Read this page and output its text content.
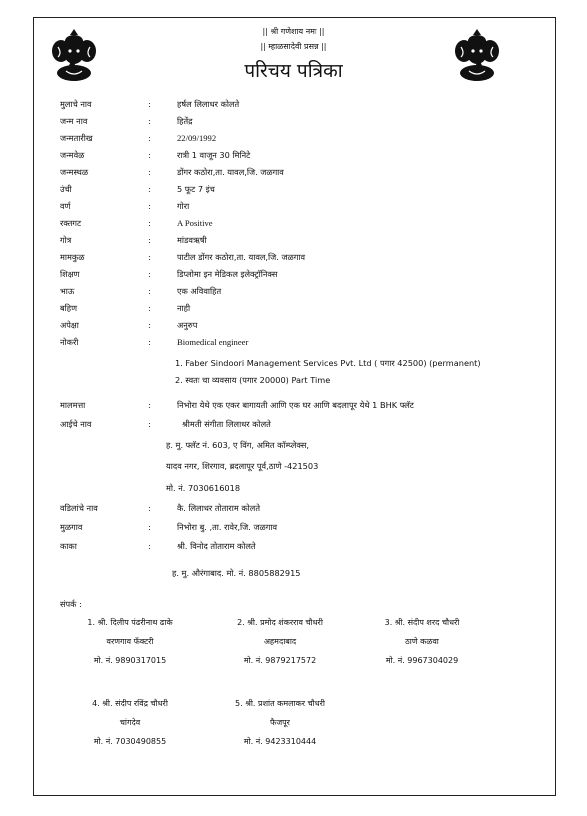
|| श्री गणेशाय नमः ||
|| म्हाळसादेवी प्रसन्न ||
परिचय पत्रिका
मुलाचे नाव	:	हर्षल लिलाधर कोलते
जन्म नाव	:	हितेंद्र
जन्मतारीख	:	22/09/1992
जन्मवेळ	:	रात्री 1 वाजून 30 मिनिटे
जन्मस्थळ	:	डोंगर कठोरा,ता. यावल,जि. जळगाव
उंची	:	5 फूट 7 इंच
वर्ण	:	गोरा
रक्तगट	:	A Positive
गोत्र	:	मांडवऋषी
मामकुळ	:	पाटील डोंगर कठोरा,ता. यावल,जि. जळगाव
शिक्षण	:	डिप्लोमा इन मेडिकल इलेक्ट्रॉनिक्स
भाऊ	:	एक अविवाहित
बहिण	:	नाही
अपेक्षा	:	अनुरुप
नोकरी	:	Biomedical engineer
1. Faber Sindoori Management Services Pvt. Ltd ( पगार 42500) (permanent)
2. स्वतः चा व्यवसाय (पगार 20000) Part Time
मालमत्ता	:	निभोरा येथे एक एकर बागायती आणि एक घर आणि बदलापूर येथे 1 BHK फ्लॅट
आईचे नाव	:	श्रीमती संगीता लिलाधर कोलते
ह. मु. फ्लॅट नं. 603, ए विंग, अमित कॉम्प्लेक्स,
यादव नगर, शिरगाव, ब्रदलापूर पूर्व,ठाणे -421503
मो. नं. 7030616018
वडिलांचे नाव	:	कै. लिलाधर तोताराम कोलते
मुळगाव	:	निभोरा बु. ,ता. रावेर,जि. जळगाव
काका	:	श्री. विनोद तोताराम कोलते
ह. मु. औरंगाबाद. मो. नं. 8805882915
संपर्क :
1. श्री. दिलीप पंढरीनाथ ढाके
वरणगाव फॅक्टरी
मो. नं. 9890317015
2. श्री. प्रमोद शंकरराव चौधरी
अहमदाबाद
मो. नं. 9879217572
3. श्री. संदीप शरद चौधरी
ठाणे कळवा
मो. नं. 9967304029
4. श्री. संदीप रविंद्र चौधरी
चांगदेव
मो. नं. 7030490855
5. श्री. प्रशांत कमलाकर चौधरी
फैजपूर
मो. नं. 9423310444
